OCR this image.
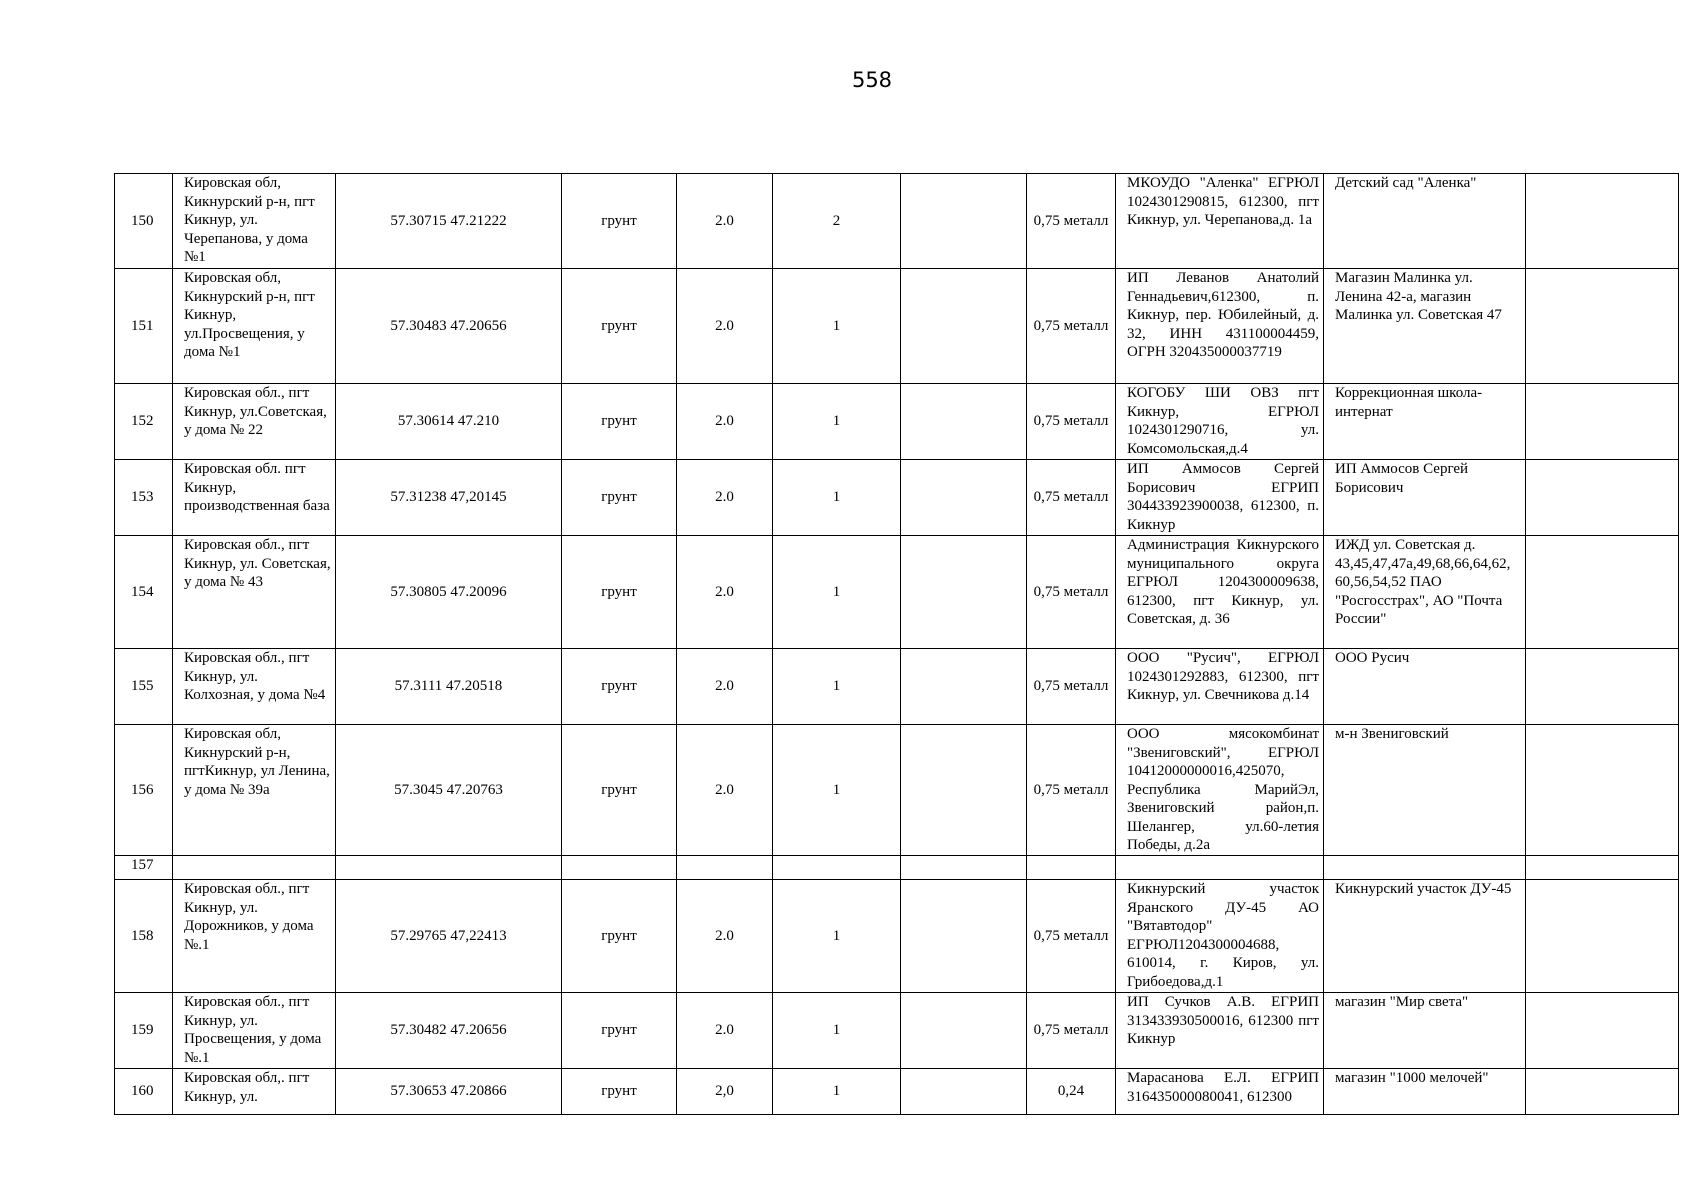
558
150	Кировская обл, Кикнурский р-н, пгт Кикнур, ул. Черепанова, у дома №1	57.30715 47.21222	грунт	2.0	2		0,75 металл	МКОУДО "Аленка" ЕГРЮЛ 1024301290815, 612300, пгт Кикнур, ул. Черепанова,д. 1а	Детский сад "Аленка"	
151	Кировская обл, Кикнурский р-н, пгт Кикнур, ул.Просвещения, у дома №1	57.30483 47.20656	грунт	2.0	1		0,75 металл	ИП Леванов Анатолий Геннадьевич,612300, п. Кикнур, пер. Юбилейный, д. 32, ИНН 431100004459, ОГРН 320435000037719	Магазин Малинка ул. Ленина 42-а, магазин Малинка ул. Советская 47	
152	Кировская обл., пгт Кикнур, ул.Советская, у дома № 22	57.30614 47.210	грунт	2.0	1		0,75 металл	КОГОБУ ШИ ОВЗ пгт Кикнур, ЕГРЮЛ 1024301290716, ул. Комсомольская,д.4	Коррекционная школа-интернат	
153	Кировская обл. пгт Кикнур, производственная база	57.31238 47,20145	грунт	2.0	1		0,75 металл	ИП Аммосов Сергей Борисович ЕГРИП 304433923900038, 612300, п. Кикнур	ИП Аммосов Сергей Борисович	
154	Кировская обл., пгт Кикнур, ул. Советская, у дома № 43	57.30805 47.20096	грунт	2.0	1		0,75 металл	Администрация Кикнурского муниципального округа ЕГРЮЛ 1204300009638, 612300, пгт Кикнур, ул. Советская, д. 36	ИЖД ул. Советская д. 43,45,47,47а,49,68,66,64,62, 60,56,54,52 ПАО "Росгосстрах", АО "Почта России"	
155	Кировская обл., пгт Кикнур, ул. Колхозная, у дома №4	57.3111 47.20518	грунт	2.0	1		0,75 металл	ООО "Русич", ЕГРЮЛ 1024301292883, 612300, пгт Кикнур, ул. Свечникова д.14	ООО Русич	
156	Кировская обл, Кикнурский р-н, пгтКикнур, ул Ленина, у дома № 39а	57.3045 47.20763	грунт	2.0	1		0,75 металл	ООО мясокомбинат "Звениговский", ЕГРЮЛ 10412000000016,425070, Республика МарийЭл, Звениговский район,п. Шелангер, ул.60-летия Победы, д.2а	м-н Звениговский	
157										
158	Кировская обл., пгт Кикнур, ул. Дорожников, у дома №.1	57.29765 47,22413	грунт	2.0	1		0,75 металл	Кикнурский участок Яранского ДУ-45 АО "Вятавтодор" ЕГРЮЛ1204300004688, 610014, г. Киров, ул. Грибоедова,д.1	Кикнурский участок ДУ-45	
159	Кировская обл., пгт Кикнур, ул. Просвещения, у дома №.1	57.30482 47.20656	грунт	2.0	1		0,75 металл	ИП Сучков А.В. ЕГРИП 313433930500016, 612300 пгт Кикнур	магазин "Мир света"	
160	Кировская обл,. пгт Кикнур, ул.	57.30653 47.20866	грунт	2,0	1		0,24	Марасанова Е.Л. ЕГРИП 316435000080041, 612300	магазин "1000 мелочей"	
